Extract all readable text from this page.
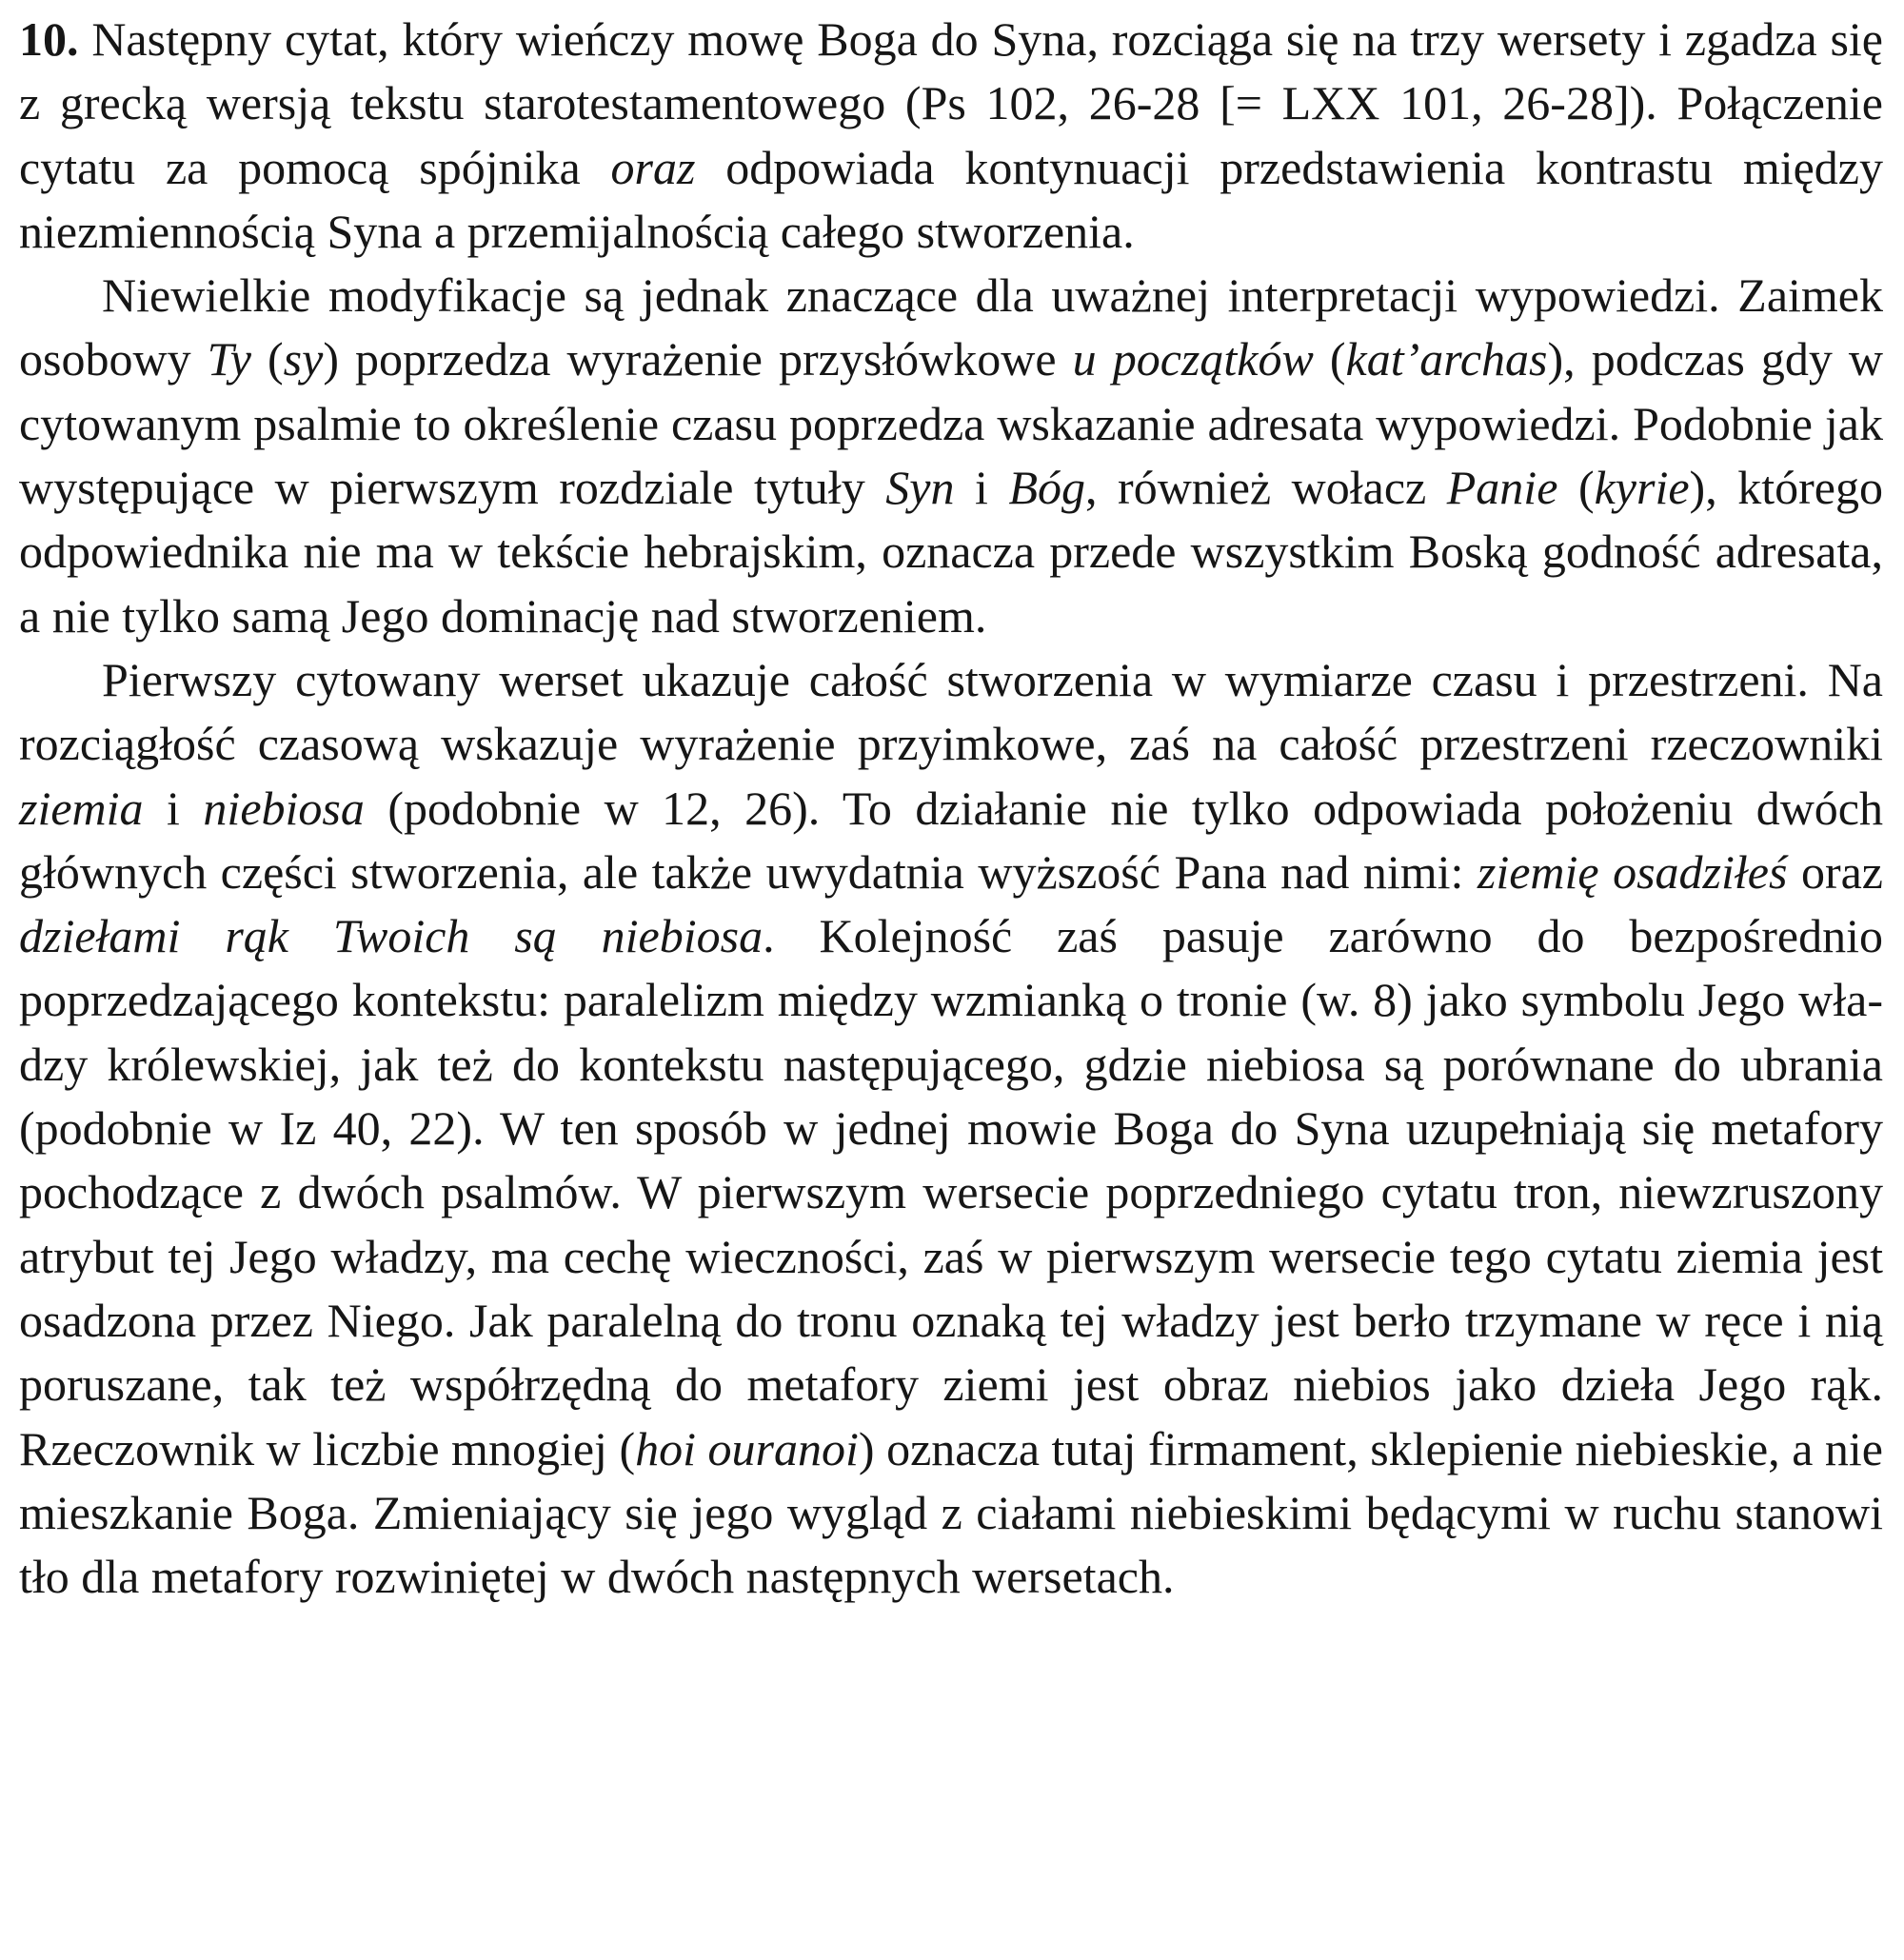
10. Następny cytat, który wieńczy mowę Boga do Syna, rozciąga się na trzy wersety i zgadza się z grecką wersją tekstu starotestamentowego (Ps 102, 26-28 [= LXX 101, 26-28]). Połączenie cytatu za pomocą spójnika oraz odpowiada kontynuacji przedstawienia kontrastu między niezmiennością Syna a przemijalnością całego stworzenia.

Niewielkie modyfikacje są jednak znaczące dla uważnej interpretacji wypowiedzi. Zaimek osobowy Ty (sy) poprzedza wyrażenie przysłówkowe u początków (kat’archas), podczas gdy w cytowanym psalmie to określenie czasu poprzedza wskazanie adresata wypowiedzi. Podobnie jak występujące w pierwszym rozdziale tytuły Syn i Bóg, również wołacz Panie (kyrie), którego odpowiednika nie ma w tekście hebrajskim, oznacza przede wszystkim Boską godność adresata, a nie tylko samą Jego dominację nad stworzeniem.

Pierwszy cytowany werset ukazuje całość stworzenia w wymiarze czasu i przestrzeni. Na rozciągłość czasową wskazuje wyrażenie przyimkowe, zaś na całość przestrzeni rzeczowniki ziemia i niebiosa (podobnie w 12, 26). To działanie nie tylko odpowiada położeniu dwóch głównych części stworzenia, ale także uwydatnia wyższość Pana nad nimi: ziemię osadziłeś oraz dziełami rąk Twoich są niebiosa. Kolejność zaś pasuje zarówno do bezpośrednio poprzedzającego kontekstu: paralelizm między wzmianką o tronie (w. 8) jako symbolu Jego władzy królewskiej, jak też do kontekstu następującego, gdzie niebiosa są porównane do ubrania (podobnie w Iz 40, 22). W ten sposób w jednej mowie Boga do Syna uzupełniają się metafory pochodzące z dwóch psalmów. W pierwszym wersecie poprzedniego cytatu tron, niewzruszony atrybut tej Jego władzy, ma cechę wieczności, zaś w pierwszym wersecie tego cytatu ziemia jest osadzona przez Niego. Jak paralelną do tronu oznaką tej władzy jest berło trzymane w ręce i nią poruszane, tak też współrzędną do metafory ziemi jest obraz niebios jako dzieła Jego rąk. Rzeczownik w liczbie mnogiej (hoi ouranoi) oznacza tutaj firmament, sklepienie niebieskie, a nie mieszkanie Boga. Zmieniający się jego wygląd z ciałami niebieskimi będącymi w ruchu stanowi tło dla metafory rozwiniętej w dwóch następnych wersetach.
